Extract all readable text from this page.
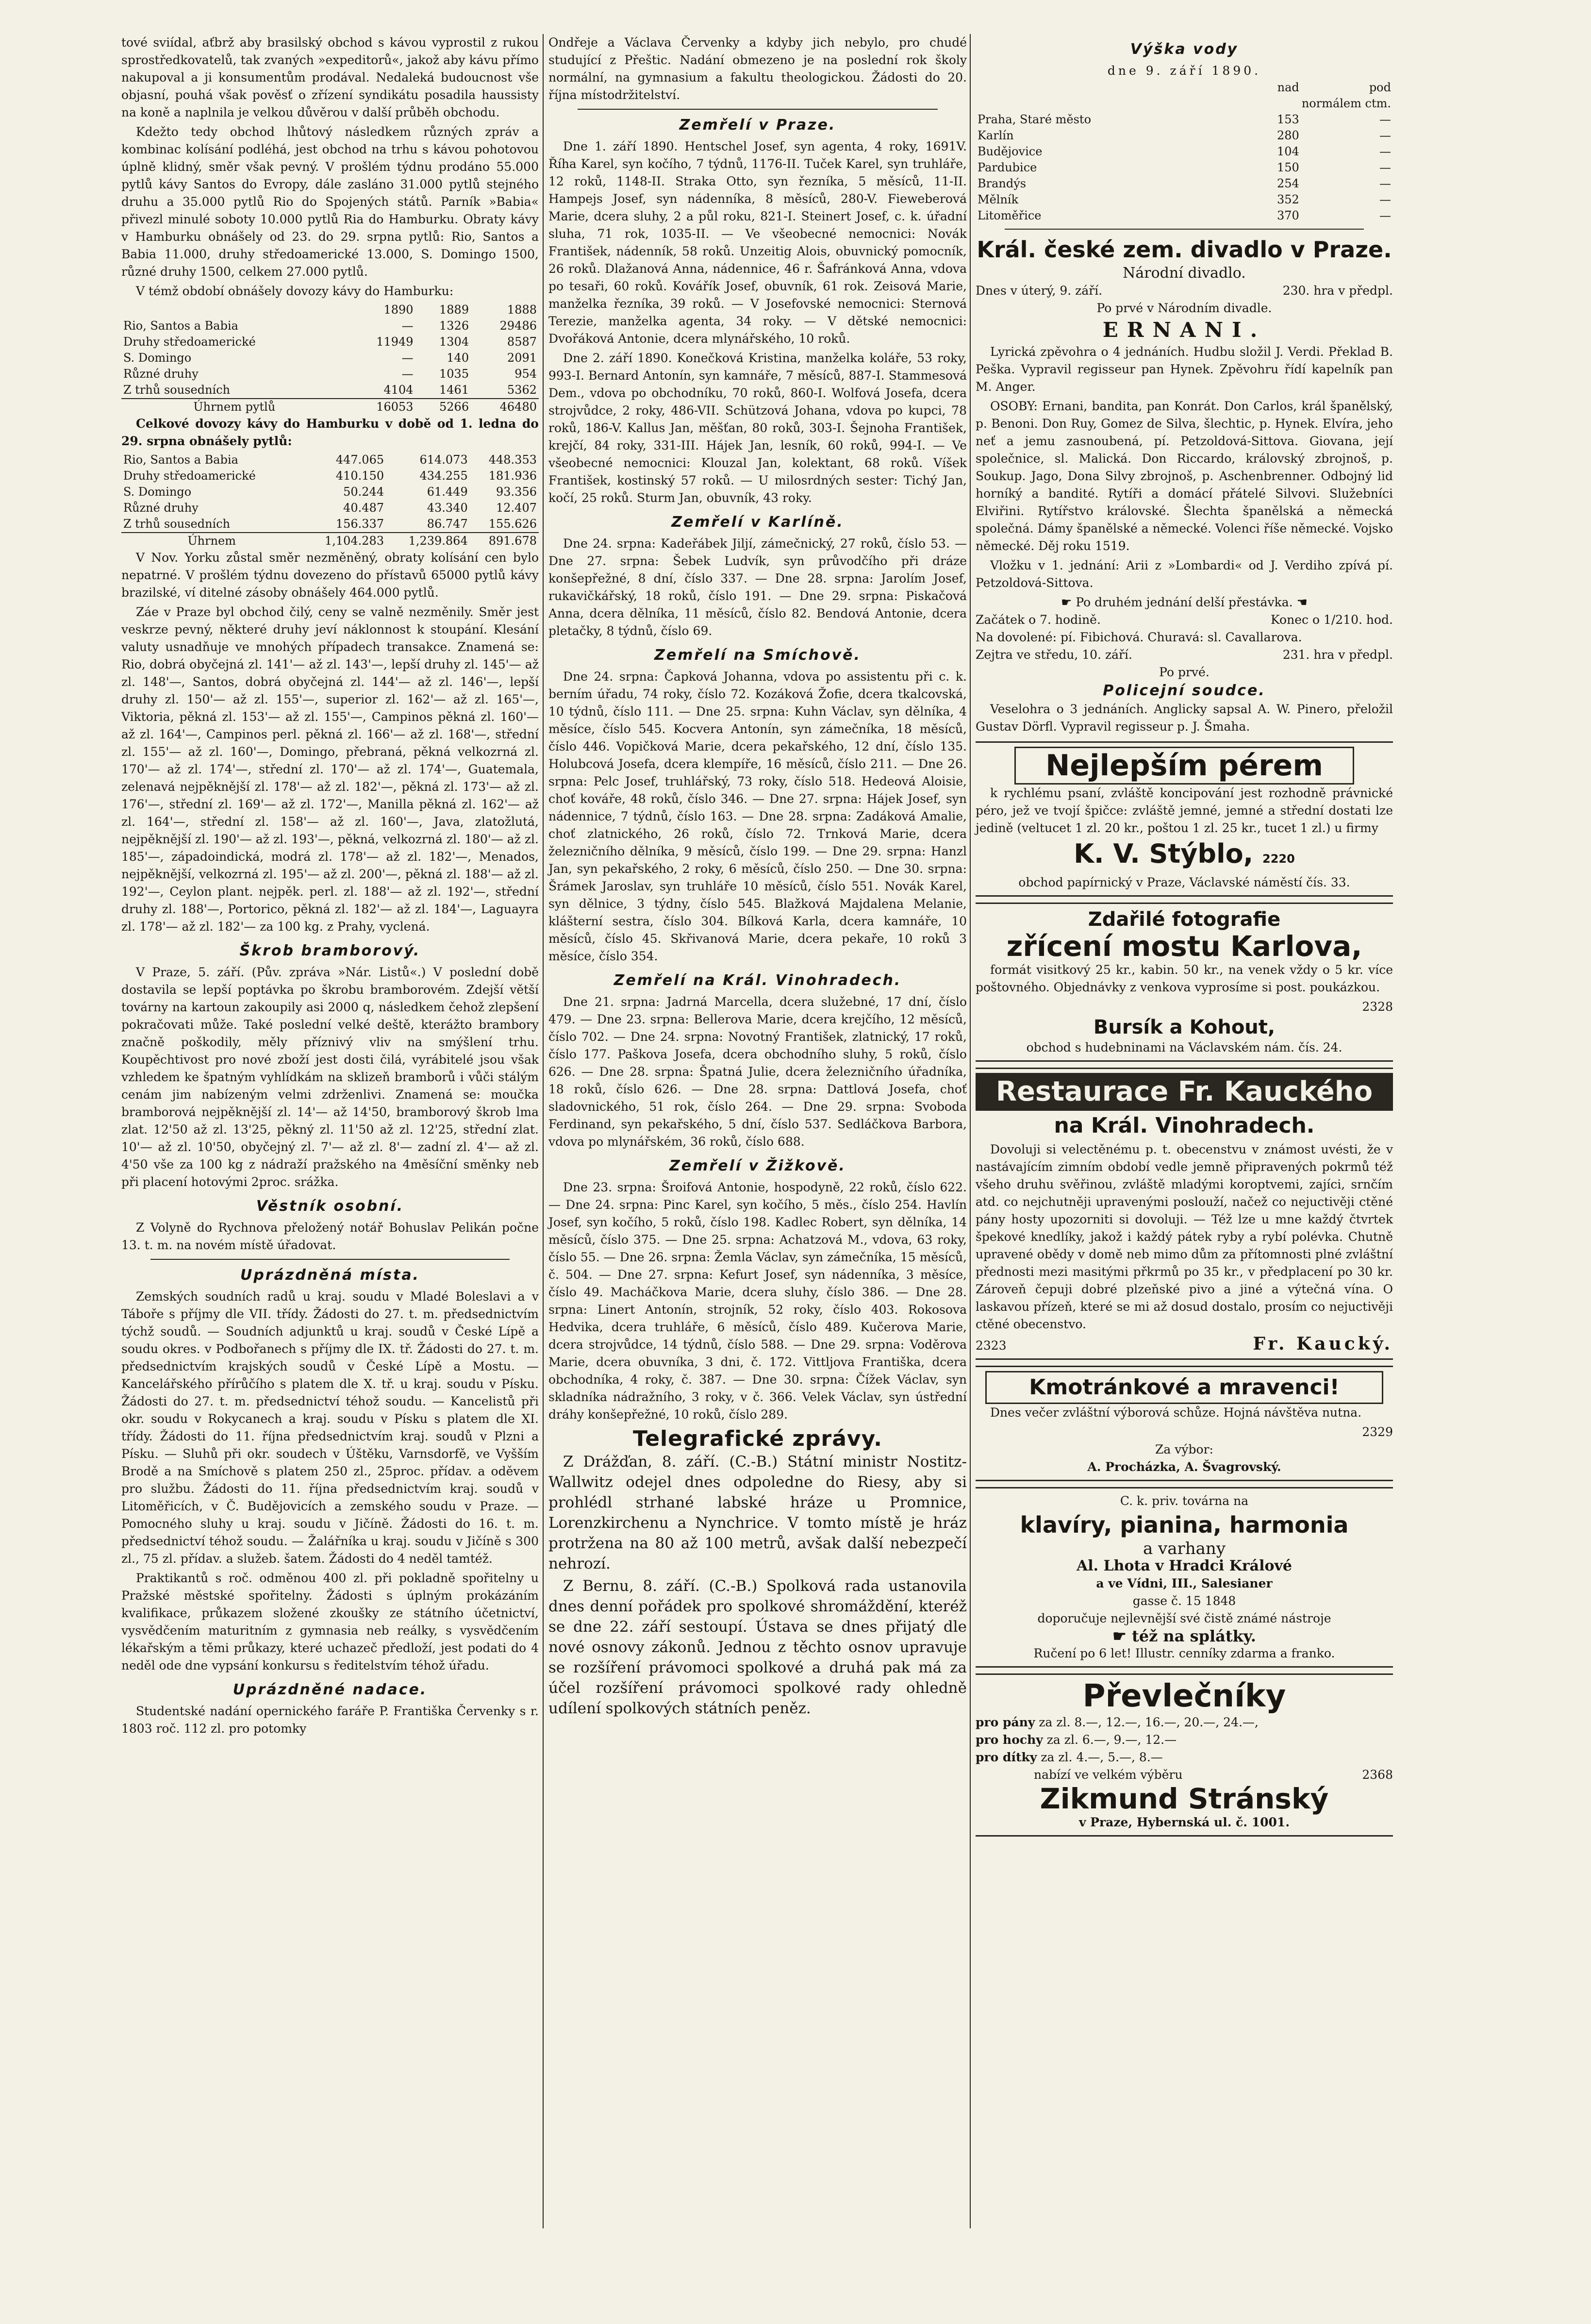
tové sviídal, aťbrž aby brasilský obchod s kávou vyprostil z rukou sprostředkovatelů, tak zvaných »expeditorů«, jakož aby kávu přímo nakupoval a ji konsumentům prodával. Nedaleká budoucnost vše objasní, pouhá však pověsť o zřízení syndikátu posadila haussisty na koně a naplnila je velkou důvěrou v další průběh obchodu.

Kdežto tedy obchod lhůtový následkem různých zpráv a kombinac kolísání podléhá, jest obchod na trhu s kávou pohotovou úplně klidný, směr však pevný. V prošlém týdnu prodáno 55.000 pytlů kávy Santos do Evropy, dále zasláno 31.000 pytlů stejného druhu a 35.000 pytlů Rio do Spojených států. Parník »Babia« přivezl minulé soboty 10.000 pytlů Ria do Hamburku. Obraty kávy v Hamburku obnášely od 23. do 29. srpna pytlů: Rio, Santos a Babia 11.000, druhy středoamerické 13.000, S. Domingo 1500, různé druhy 1500, celkem 27.000 pytlů.

V témž období obnášely dovozy kávy do Hamburku:

	1890	1889	1888
Rio, Santos a Babia	—	1326	29486
Druhy středoamerické	11949	1304	8587
S. Domingo	—	140	2091
Různé druhy	—	1035	954
Z trhů sousedních	4104	1461	5362
Úhrnem pytlů	16053	5266	46480

Celkové dovozy kávy do Hamburku v době od 1. ledna do 29. srpna obnášely pytlů:

Rio, Santos a Babia	447.065	614.073	448.353
Druhy středoamerické	410.150	434.255	181.936
S. Domingo	50.244	61.449	93.356
Různé druhy	40.487	43.340	12.407
Z trhů sousedních	156.337	86.747	155.626
Úhrnem	1,104.283	1,239.864	891.678

V Nov. Yorku zůstal směr nezměněný, obraty kolísání cen bylo nepatrné. V prošlém týdnu dovezeno do přístavů 65000 pytlů kávy brazilské, ví ditelné zásoby obnášely 464.000 pytlů.

Záe v Praze byl obchod čilý, ceny se valně nezměnily. Směr jest veskrze pevný, některé druhy jeví náklonnost k stoupání. Klesání valuty usnadňuje ve mnohých případech transakce. Znamená se: Rio, dobrá obyčejná zl. 141'— až zl. 143'—, lepší druhy zl. 145'— až zl. 148'—, Santos, dobrá obyčejná zl. 144'— až zl. 146'—, lepší druhy zl. 150'— až zl. 155'—, superior zl. 162'— až zl. 165'—, Viktoria, pěkná zl. 153'— až zl. 155'—, Campinos pěkná zl. 160'— až zl. 164'—, Campinos perl. pěkná zl. 166'— až zl. 168'—, střední zl. 155'— až zl. 160'—, Domingo, přebraná, pěkná velkozrná zl. 170'— až zl. 174'—, střední zl. 170'— až zl. 174'—, Guatemala, zelenavá nejpěknější zl. 178'— až zl. 182'—, pěkná zl. 173'— až zl. 176'—, střední zl. 169'— až zl. 172'—, Manilla pěkná zl. 162'— až zl. 164'—, střední zl. 158'— až zl. 160'—, Java, zlatožlutá, nejpěknější zl. 190'— až zl. 193'—, pěkná, velkozrná zl. 180'— až zl. 185'—, západoindická, modrá zl. 178'— až zl. 182'—, Menados, nejpěknější, velkozrná zl. 195'— až zl. 200'—, pěkná zl. 188'— až zl. 192'—, Ceylon plant. nejpěk. perl. zl. 188'— až zl. 192'—, střední druhy zl. 188'—, Portorico, pěkná zl. 182'— až zl. 184'—, Laguayra zl. 178'— až zl. 182'— za 100 kg. z Prahy, vyclená.

Škrob bramborový.

V Praze, 5. září. (Pův. zpráva »Nár. Listů«.) V poslední době dostavila se lepší poptávka po škrobu bramborovém. Zdejší větší továrny na kartoun zakoupily asi 2000 q, následkem čehož zlepšení pokračovati může. Také poslední velké deště, kterážto brambory značně poškodily, měly příznivý vliv na smýšlení trhu. Koupěchtivost pro nové zboží jest dosti čilá, vyrábitelé jsou však vzhledem ke špatným vyhlídkám na sklizeň bramborů i vůči stálým cenám jim nabízeným velmi zdrženlivi. Znamená se: moučka bramborová nejpěknější zl. 14'— až 14'50, bramborový škrob lma zlat. 12'50 až zl. 13'25, pěkný zl. 11'50 až zl. 12'25, střední zlat. 10'— až zl. 10'50, obyčejný zl. 7'— až zl. 8'— zadní zl. 4'— až zl. 4'50 vše za 100 kg z nádraží pražského na 4měsíční směnky neb při placení hotovými 2proc. srážka.

Věstník osobní.

Z Volyně do Rychnova přeložený notář Bohuslav Pelikán počne 13. t. m. na novém místě úřadovat.

Uprázdněná místa.

Zemských soudních radů u kraj. soudu v Mladé Boleslavi a v Táboře s příjmy dle VII. třídy. Žádosti do 27. t. m. předsednictvím týchž soudů. — Soudních adjunktů u kraj. soudů v České Lípě a soudu okres. v Podbořanech s příjmy dle IX. tř. Žádosti do 27. t. m. předsednictvím krajských soudů v České Lípě a Mostu. — Kancelářského přírůčího s platem dle X. tř. u kraj. soudu v Písku. Žádosti do 27. t. m. předsednictví téhož soudu. — Kancelistů při okr. soudu v Rokycanech a kraj. soudu v Písku s platem dle XI. třídy. Žádosti do 11. října předsednictvím kraj. soudů v Plzni a Písku. — Sluhů při okr. soudech v Úštěku, Varnsdorfě, ve Vyšším Brodě a na Smíchově s platem 250 zl., 25proc. přídav. a oděvem pro službu. Žádosti do 11. října předsednictvím kraj. soudů v Litoměřicích, v Č. Budějovicích a zemského soudu v Praze. — Pomocného sluhy u kraj. soudu v Jičíně. Žádosti do 16. t. m. předsednictví téhož soudu. — Žalářníka u kraj. soudu v Jičíně s 300 zl., 75 zl. přídav. a služeb. šatem. Žádosti do 4 neděl tamtéž.

Praktikantů s roč. odměnou 400 zl. při pokladně spořitelny u Pražské městské spořitelny. Žádosti s úplným prokázáním kvalifikace, průkazem složené zkoušky ze státního účetnictví, vysvědčením maturitním z gymnasia neb reálky, s vysvědčením lékařským a těmi průkazy, které uchazeč předloží, jest podati do 4 neděl ode dne vypsání konkursu s ředitelstvím téhož úřadu.

Uprázdněné nadace.

Studentské nadání opernického faráře P. Františka Červenky s r. 1803 roč. 112 zl. pro potomky

Ondřeje a Václava Červenky a kdyby jich nebylo, pro chudé studující z Přeštic. Nadání obmezeno je na poslední rok školy normální, na gymnasium a fakultu theologickou. Žádosti do 20. října místodržitelství.

Zemřelí v Praze.

Dne 1. září 1890. Hentschel Josef, syn agenta, 4 roky, 1691V. Říha Karel, syn kočího, 7 týdnů, 1176-II. Tuček Karel, syn truhláře, 12 roků, 1148-II. Straka Otto, syn řezníka, 5 měsíců, 11-II. Hampejs Josef, syn nádenníka, 8 měsíců, 280-V. Fieweberová Marie, dcera sluhy, 2 a půl roku, 821-I. Steinert Josef, c. k. úřadní sluha, 71 rok, 1035-II. — Ve všeobecné nemocnici: Novák František, nádenník, 58 roků. Unzeitig Alois, obuvnický pomocník, 26 roků. Dlažanová Anna, nádennice, 46 r. Šafránková Anna, vdova po tesaři, 60 roků. Kovářík Josef, obuvník, 61 rok. Zeisová Marie, manželka řezníka, 39 roků. — V Josefovské nemocnici: Sternová Terezie, manželka agenta, 34 roky. — V dětské nemocnici: Dvořáková Antonie, dcera mlynářského, 10 roků.

Dne 2. září 1890. Konečková Kristina, manželka koláře, 53 roky, 993-I. Bernard Antonín, syn kamnáře, 7 měsíců, 887-I. Stammesová Dem., vdova po obchodníku, 70 roků, 860-I. Wolfová Josefa, dcera strojvůdce, 2 roky, 486-VII. Schützová Johana, vdova po kupci, 78 roků, 186-V. Kallus Jan, měšťan, 80 roků, 303-I. Šejnoha František, krejčí, 84 roky, 331-III. Hájek Jan, lesník, 60 roků, 994-I. — Ve všeobecné nemocnici: Klouzal Jan, kolektant, 68 roků. Víšek František, kostinský 57 roků. — U milosrdných sester: Tichý Jan, kočí, 25 roků. Sturm Jan, obuvník, 43 roky.

Zemřelí v Karlíně.

Dne 24. srpna: Kadeřábek Jiljí, zámečnický, 27 roků, číslo 53. — Dne 27. srpna: Šebek Ludvík, syn průvodčího při dráze konšepřežné, 8 dní, číslo 337. — Dne 28. srpna: Jarolím Josef, rukavičkářský, 18 roků, číslo 191. — Dne 29. srpna: Piskačová Anna, dcera dělníka, 11 měsíců, číslo 82. Bendová Antonie, dcera pletačky, 8 týdnů, číslo 69.

Zemřelí na Smíchově.

Dne 24. srpna: Čapková Johanna, vdova po assistentu při c. k. berním úřadu, 74 roky, číslo 72. Kozáková Žofie, dcera tkalcovská, 10 týdnů, číslo 111. — Dne 25. srpna: Kuhn Václav, syn dělníka, 4 měsíce, číslo 545. Kocvera Antonín, syn zámečníka, 18 měsíců, číslo 446. Vopičková Marie, dcera pekařského, 12 dní, číslo 135. Holubcová Josefa, dcera klempíře, 16 měsíců, číslo 211. — Dne 26. srpna: Pelc Josef, truhlářský, 73 roky, číslo 518. Hedeová Aloisie, choť kováře, 48 roků, číslo 346. — Dne 27. srpna: Hájek Josef, syn nádennice, 7 týdnů, číslo 163. — Dne 28. srpna: Zadáková Amalie, choť zlatnického, 26 roků, číslo 72. Trnková Marie, dcera železničního dělníka, 9 měsíců, číslo 199. — Dne 29. srpna: Hanzl Jan, syn pekařského, 2 roky, 6 měsíců, číslo 250. — Dne 30. srpna: Šrámek Jaroslav, syn truhláře 10 měsíců, číslo 551. Novák Karel, syn dělnice, 3 týdny, číslo 545. Blažková Majdalena Melanie, klášterní sestra, číslo 304. Bílková Karla, dcera kamnáře, 10 měsíců, číslo 45. Skřivanová Marie, dcera pekaře, 10 roků 3 měsíce, číslo 354.

Zemřelí na Král. Vinohradech.

Dne 21. srpna: Jadrná Marcella, dcera služebné, 17 dní, číslo 479. — Dne 23. srpna: Bellerova Marie, dcera krejčího, 12 měsíců, číslo 702. — Dne 24. srpna: Novotný František, zlatnický, 17 roků, číslo 177. Paškova Josefa, dcera obchodního sluhy, 5 roků, číslo 626. — Dne 28. srpna: Špatná Julie, dcera železničního úřadníka, 18 roků, číslo 626. — Dne 28. srpna: Dattlová Josefa, choť sladovnického, 51 rok, číslo 264. — Dne 29. srpna: Svoboda Ferdinand, syn pekařského, 5 dní, číslo 537. Sedláčkova Barbora, vdova po mlynářském, 36 roků, číslo 688.

Zemřelí v Žižkově.

Dne 23. srpna: Šroifová Antonie, hospodyně, 22 roků, číslo 622. — Dne 24. srpna: Pinc Karel, syn kočího, 5 měs., číslo 254. Havlín Josef, syn kočího, 5 roků, číslo 198. Kadlec Robert, syn dělníka, 14 měsíců, číslo 375. — Dne 25. srpna: Achatzová M., vdova, 63 roky, číslo 55. — Dne 26. srpna: Žemla Václav, syn zámečníka, 15 měsíců, č. 504. — Dne 27. srpna: Kefurt Josef, syn nádenníka, 3 měsíce, číslo 49. Macháčkova Marie, dcera sluhy, číslo 386. — Dne 28. srpna: Linert Antonín, strojník, 52 roky, číslo 403. Rokosova Hedvika, dcera truhláře, 6 měsíců, číslo 489. Kučerova Marie, dcera strojvůdce, 14 týdnů, číslo 588. — Dne 29. srpna: Voděrova Marie, dcera obuvníka, 3 dni, č. 172. Vittljova Františka, dcera obchodníka, 4 roky, č. 387. — Dne 30. srpna: Čížek Václav, syn skladníka nádražního, 3 roky, v č. 366. Velek Václav, syn ústřední dráhy konšepřežné, 10 roků, číslo 289.

Telegrafické zprávy.

Z Drážďan, 8. září. (C.-B.) Státní ministr Nostitz-Wallwitz odejel dnes odpoledne do Riesy, aby si prohlédl strhané labské hráze u Promnice, Lorenzkirchenu a Nynchrice. V tomto místě je hráz protržena na 80 až 100 metrů, avšak další nebezpečí nehrozí.

Z Bernu, 8. září. (C.-B.) Spolková rada ustanovila dnes denní pořádek pro spolkové shromáždění, kteréž se dne 22. září sestoupí. Ústava se dnes přijatý dle nové osnovy zákonů. Jednou z těchto osnov upravuje se rozšíření právomoci spolkové a druhá pak má za účel rozšíření právomoci spolkové rady ohledně udílení spolkových státních peněz.

Výška vody
dne 9. září 1890.
	nad	pod
	normálem ctm.	
Praha, Staré město	153	—
Karlín	280	—
Budějovice	104	—
Pardubice	150	—
Brandýs	254	—
Mělník	352	—
Litoměřice	370	—
Král. české zem. divadlo v Praze.
Národní divadlo.
Dnes v úterý, 9. září.	230. hra v předpl.
Po prvé v Národním divadle.
ERNANI.

Lyrická zpěvohra o 4 jednáních. Hudbu složil J. Verdi. Překlad B. Peška. Vypravil regisseur pan Hynek. Zpěvohru řídí kapelník pan M. Anger.

OSOBY: Ernani, bandita, pan Konrát. Don Carlos, král španělský, p. Benoni. Don Ruy, Gomez de Silva, šlechtic, p. Hynek. Elvíra, jeho neť a jemu zasnoubená, pí. Petzoldová-Sittova. Giovana, její společnice, sl. Malická. Don Riccardo, královský zbrojnoš, p. Soukup. Jago, Dona Silvy zbrojnoš, p. Aschenbrenner. Odbojný lid horníký a bandité. Rytíři a domácí přátelé Silvovi. Služebníci Elviřini. Rytířstvo královské. Šlechta španělská a německá společná. Dámy španělské a německé. Volenci říše německé. Vojsko německé. Děj roku 1519.

Vložku v 1. jednání: Arii z »Lombardi« od J. Verdiho zpívá pí. Petzoldová-Sittova.

☛ Po druhém jednání delší přestávka. ☚
Začátek o 7. hodině.	Konec o 1/210. hod.
Na dovolené: pí. Fibichová. Churavá: sl. Cavallarova.
Zejtra ve středu, 10. září.	231. hra v předpl.
Po prvé.
Policejní soudce.

Veselohra o 3 jednáních. Anglicky sapsal A. W. Pinero, přeložil Gustav Dörfl. Vypravil regisseur p. J. Šmaha.

Nejlepším pérem

k rychlému psaní, zvláště koncipování jest rozhodně právnické péro, jež ve tvojí špičce: zvláště jemné, jemné a střední dostati lze jedině (veltucet 1 zl. 20 kr., poštou 1 zl. 25 kr., tucet 1 zl.) u firmy

K. V. Stýblo, 2220
obchod papírnický v Praze, Václavské náměstí čís. 33.
Zdařilé fotografie
zřícení mostu Karlova,

formát visitkový 25 kr., kabin. 50 kr., na venek vždy o 5 kr. více poštovného. Objednávky z venkova vyprosíme si post. poukázkou.

2328
Bursík a Kohout,
obchod s hudebninami na Václavském nám. čís. 24.
Restaurace Fr. Kauckého
na Král. Vinohradech.

Dovoluji si velectěnému p. t. obecenstvu v známost uvésti, že v nastávajícím zimním období vedle jemně připravených pokrmů též všeho druhu svěřinou, zvláště mladými koroptvemi, zajíci, srnčím atd. co nejchutněji upravenými poslouží, načež co nejuctivěji ctěné pány hosty upozorniti si dovoluji. — Též lze u mne každý čtvrtek špekové knedlíky, jakož i každý pátek ryby a rybí polévka. Chutně upravené obědy v domě neb mimo dům za přítomnosti plné zvláštní přednosti mezi masitými přkrmů po 35 kr., v předplacení po 30 kr. Zároveň čepuji dobré plzeňské pivo a jiné a výtečná vína. O laskavou přízeň, které se mi až dosud dostalo, prosím co nejuctivěji ctěné obecenstvo.

2323	Fr. Kaucký.
Kmotránkové a mravenci!

Dnes večer zvláštní výborová schůze. Hojná návštěva nutna.

2329
Za výbor:
A. Procházka, A. Švagrovský.
C. k. priv. továrna na
klavíry, pianina, harmonia
a varhany
Al. Lhota v Hradci Králové
a ve Vídni, III., Salesianer
gasse č. 15 1848
doporučuje nejlevnější své čistě známé nástroje
☛ též na splátky.
Ručení po 6 let! Illustr. cenníky zdarma a franko.
Převlečníky
pro pány za zl. 8.—, 12.—, 16.—, 20.—, 24.—,
pro hochy za zl. 6.—, 9.—, 12.—
pro dítky za zl. 4.—, 5.—, 8.—
nabízí ve velkém výběru	2368
Zikmund Stránský
v Praze, Hybernská ul. č. 1001.
